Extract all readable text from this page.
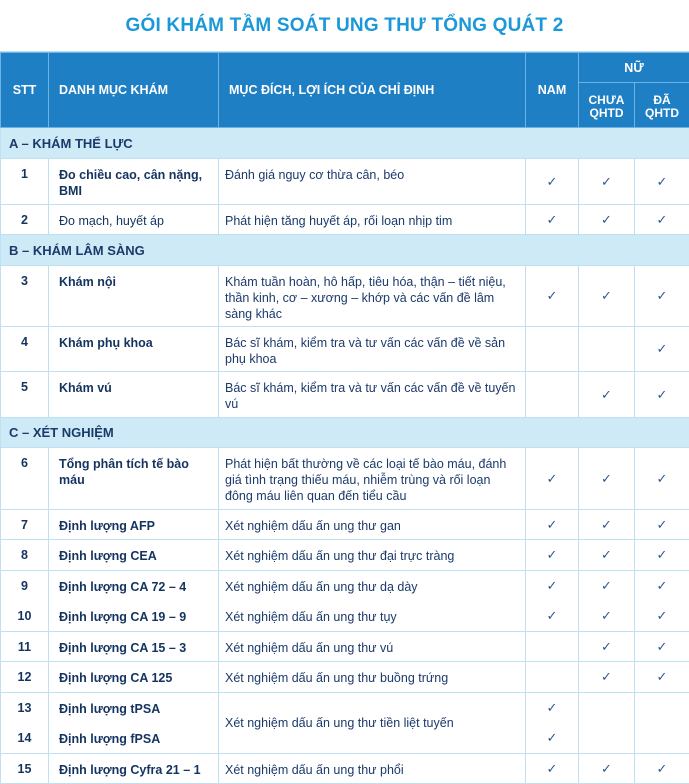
GÓI KHÁM TẦM SOÁT UNG THƯ TỔNG QUÁT 2
STT	DANH MỤC KHÁM	MỤC ĐÍCH, LỢI ÍCH CỦA CHỈ ĐỊNH	NAM	NỮ	
				CHƯA QHTD	ĐÃ QHTD
A – KHÁM THỂ LỰC					
1	Đo chiều cao, cân nặng, BMI	Đánh giá nguy cơ thừa cân, béo	✓	✓	✓
2	Đo mạch, huyết áp	Phát hiện tăng huyết áp, rối loạn nhịp tim	✓	✓	✓
B – KHÁM LÂM SÀNG					
3	Khám nội	Khám tuần hoàn, hô hấp, tiêu hóa, thận – tiết niệu, thần kinh, cơ – xương – khớp và các vấn đề lâm sàng khác	✓	✓	✓
4	Khám phụ khoa	Bác sĩ khám, kiểm tra và tư vấn các vấn đề về sản phụ khoa			✓
5	Khám vú	Bác sĩ khám, kiểm tra và tư vấn các vấn đề về tuyến vú		✓	✓
C – XÉT NGHIỆM					
6	Tổng phân tích tế bào máu	Phát hiện bất thường về các loại tế bào máu, đánh giá tình trạng thiếu máu, nhiễm trùng và rối loạn đông máu liên quan đến tiểu cầu	✓	✓	✓
7	Định lượng AFP	Xét nghiệm dấu ấn ung thư gan	✓	✓	✓
8	Định lượng CEA	Xét nghiệm dấu ấn ung thư đại trực tràng	✓	✓	✓
9	Định lượng CA 72 – 4	Xét nghiệm dấu ấn ung thư dạ dày	✓	✓	✓
10	Định lượng CA 19 – 9	Xét nghiệm dấu ấn ung thư tụy	✓	✓	✓
11	Định lượng CA 15 – 3	Xét nghiệm dấu ấn ung thư vú		✓	✓
12	Định lượng CA 125	Xét nghiệm dấu ấn ung thư buồng trứng		✓	✓
13	Định lượng tPSA	Xét nghiệm dấu ấn ung thư tiền liệt tuyến	✓		
14	Định lượng fPSA		✓		
15	Định lượng Cyfra 21 – 1	Xét nghiệm dấu ấn ung thư phổi	✓	✓	✓
